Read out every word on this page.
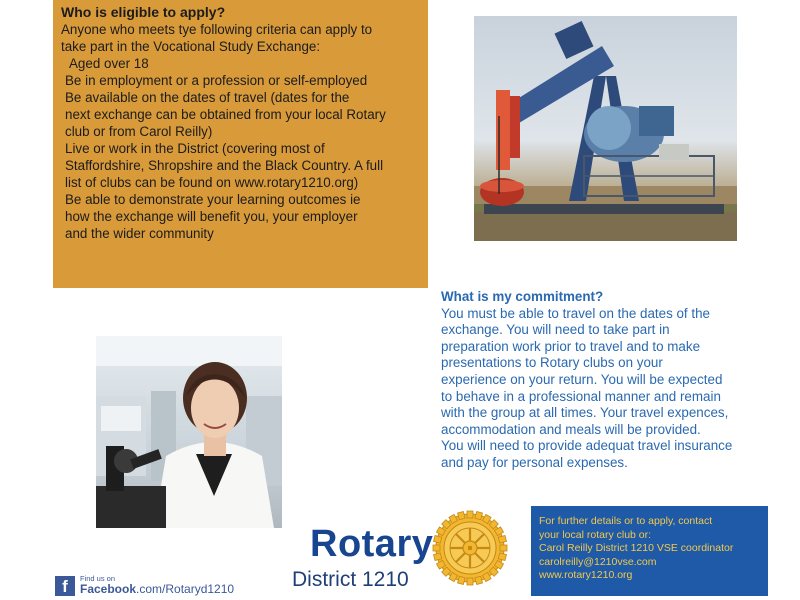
Who is eligible to apply?
Anyone who meets tye following criteria can apply to
take part in the Vocational Study Exchange:
Aged over 18
Be in employment or a profession or self-employed
Be available on the dates of travel (dates for the
next exchange can be obtained from your local Rotary
club or from Carol Reilly)
Live or work in the District (covering most of
Staffordshire, Shropshire and the Black Country. A full
list of clubs can be found on www.rotary1210.org)
Be able to demonstrate your learning outcomes ie
how the exchange will benefit you, your employer
and the wider community
What is my commitment?
You must be able to travel on the dates of the
exchange. You will need to take part in
preparation work prior to travel and to make
presentations to Rotary clubs on your
experience on your return. You will be expected
to behave in a professional manner and remain
with the group at all times. Your travel expences,
accommodation and meals will be provided.
You will need to provide adequat travel insurance
and pay for personal expenses.
Rotary
District 1210
For further details or to apply, contact
your local rotary club or:
Carol Reilly District 1210 VSE coordinator
carolreilly@1210vse.com
www.rotary1210.org
f	Find us on
Facebook.com/Rotaryd1210
